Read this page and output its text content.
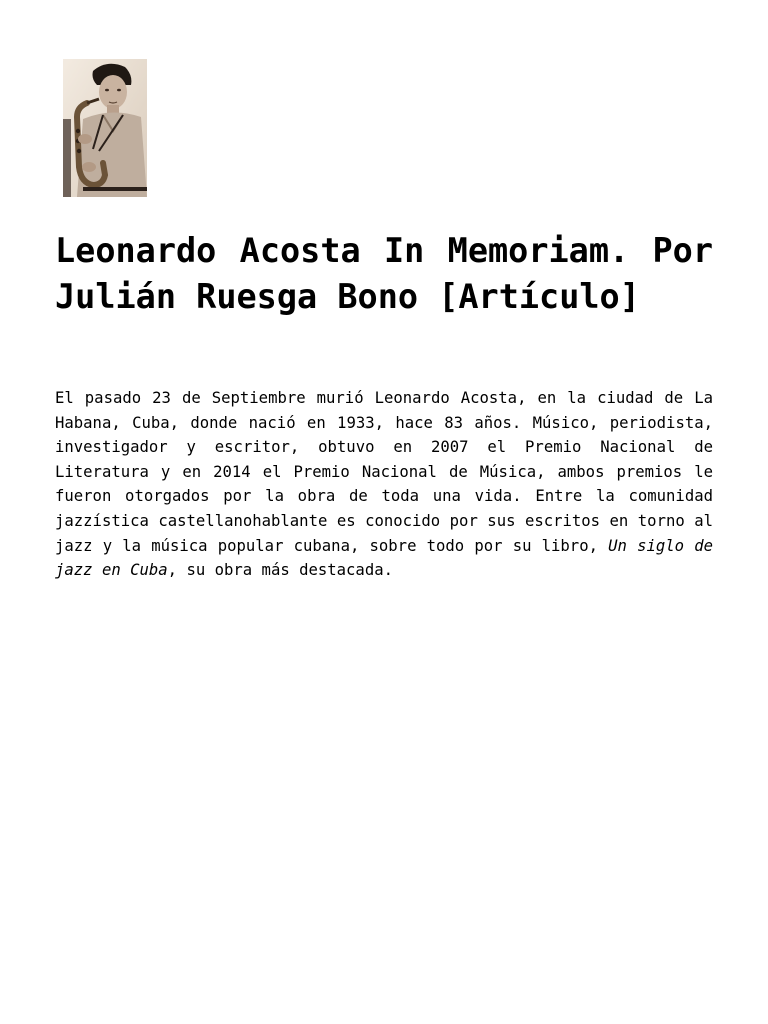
Leonardo Acosta In Memoriam. Por Julián Ruesga Bono [Artículo]

El pasado 23 de Septiembre murió Leonardo Acosta, en la ciudad de La Habana, Cuba, donde nació en 1933, hace 83 años. Músico, periodista, investigador y escritor, obtuvo en 2007 el Premio Nacional de Literatura y en 2014 el Premio Nacional de Música, ambos premios le fueron otorgados por la obra de toda una vida. Entre la comunidad jazzística castellanohablante es conocido por sus escritos en torno al jazz y la música popular cubana, sobre todo por su libro, Un siglo de jazz en Cuba, su obra más destacada.
